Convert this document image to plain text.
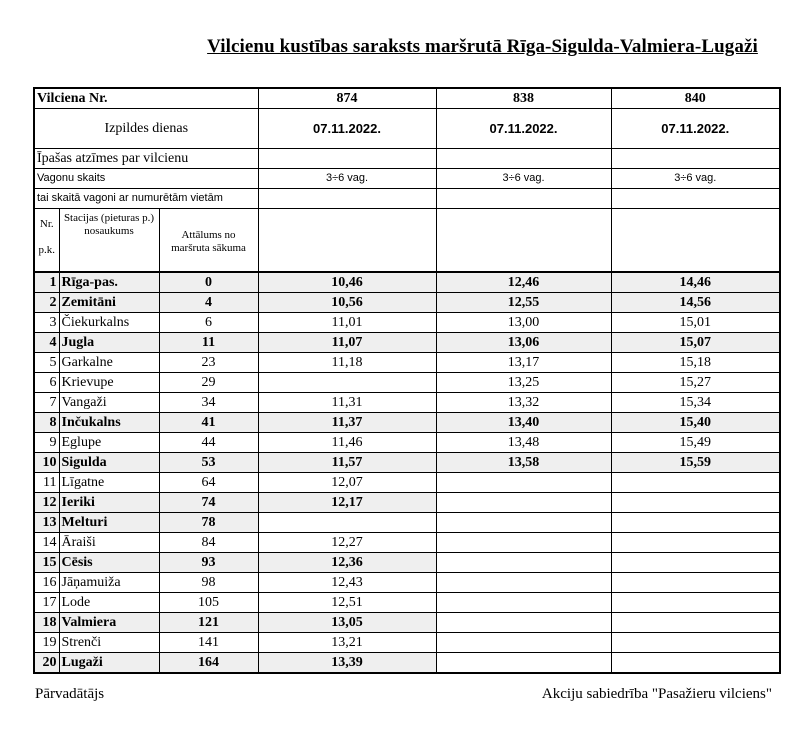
Vilcienu kustības saraksts maršrutā Rīga-Sigulda-Valmiera-Lugaži
Vilciena Nr.			874	838	840
Izpildes dienas			07.11.2022.	07.11.2022.	07.11.2022.
Īpašas atzīmes par vilcienu					
Vagonu skaits			3÷6 vag.	3÷6 vag.	3÷6 vag.
tai skaitā vagoni ar numurētām vietām					
Nr. p.k.	Stacijas (pieturas p.) nosaukums	Attālums no maršruta sākuma			
1	Rīga-pas.	0	10,46	12,46	14,46
2	Zemitāni	4	10,56	12,55	14,56
3	Čiekurkalns	6	11,01	13,00	15,01
4	Jugla	11	11,07	13,06	15,07
5	Garkalne	23	11,18	13,17	15,18
6	Krievupe	29		13,25	15,27
7	Vangaži	34	11,31	13,32	15,34
8	Inčukalns	41	11,37	13,40	15,40
9	Eglupe	44	11,46	13,48	15,49
10	Sigulda	53	11,57	13,58	15,59
11	Līgatne	64	12,07		
12	Ieriki	74	12,17		
13	Melturi	78			
14	Āraiši	84	12,27		
15	Cēsis	93	12,36		
16	Jāņamuiža	98	12,43		
17	Lode	105	12,51		
18	Valmiera	121	13,05		
19	Strenči	141	13,21		
20	Lugaži	164	13,39		
Pārvadātājs	Akciju sabiedrība "Pasažieru vilciens"
